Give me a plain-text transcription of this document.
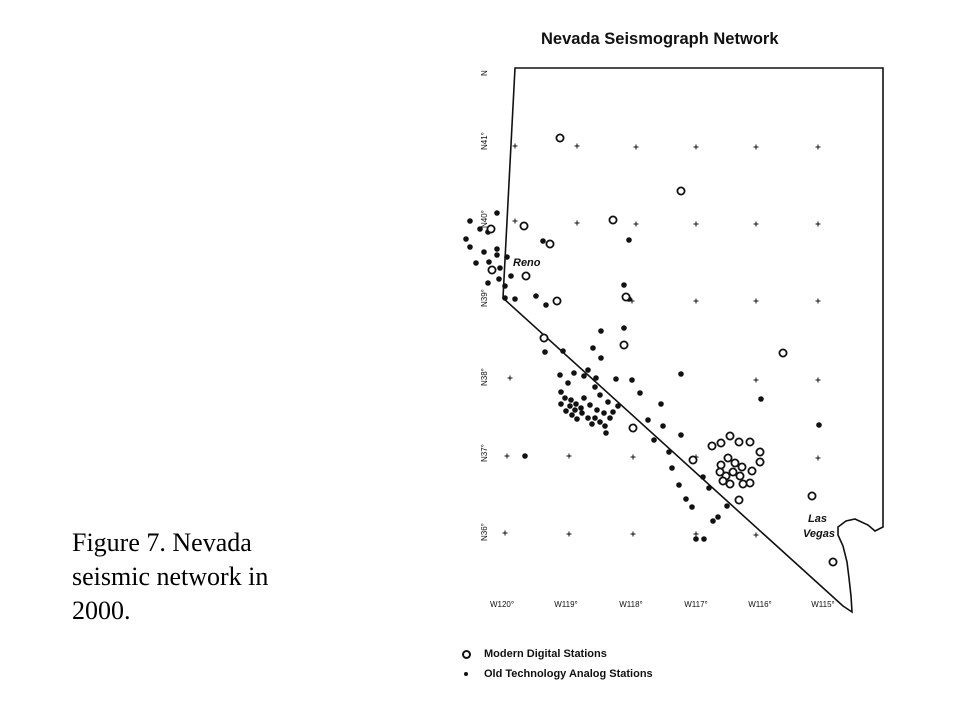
Figure 7. Nevada
seismic network in
2000.
Nevada Seismograph Network
N
N41°
N40°
N39°
N38°
N37°
N36°
W120°	W119°	W118°	W117°	W116°	W115°
Reno
Las
Vegas
Modern Digital Stations
Old Technology Analog Stations
